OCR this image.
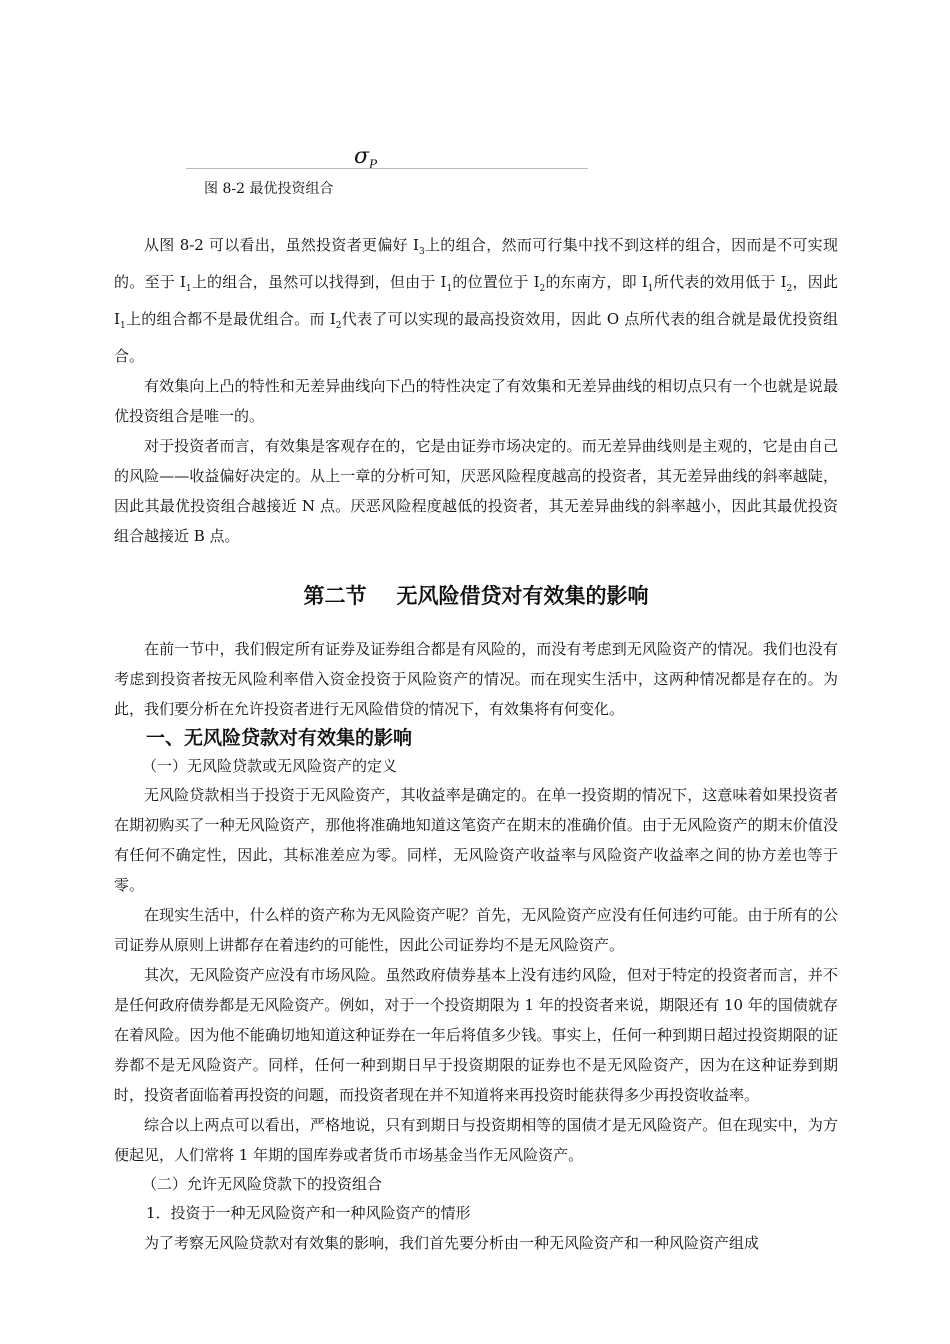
$\sigma_P$
图 8-2 最优投资组合

从图 8-2 可以看出，虽然投资者更偏好 $I_3$上的组合，然而可行集中找不到这样的组合，因而是不可实现的。至于 $I_1$上的组合，虽然可以找得到，但由于 $I_1$的位置位于 $I_2$的东南方，即 $I_1$所代表的效用低于 $I_2$，因此 $I_1$上的组合都不是最优组合。而 $I_2$代表了可以实现的最高投资效用，因此 O 点所代表的组合就是最优投资组合。

有效集向上凸的特性和无差异曲线向下凸的特性决定了有效集和无差异曲线的相切点只有一个也就是说最优投资组合是唯一的。

对于投资者而言，有效集是客观存在的，它是由证券市场决定的。而无差异曲线则是主观的，它是由自己的风险——收益偏好决定的。从上一章的分析可知，厌恶风险程度越高的投资者，其无差异曲线的斜率越陡，因此其最优投资组合越接近 N 点。厌恶风险程度越低的投资者，其无差异曲线的斜率越小，因此其最优投资组合越接近 B 点。

第二节 无风险借贷对有效集的影响

在前一节中，我们假定所有证券及证券组合都是有风险的，而没有考虑到无风险资产的情况。我们也没有考虑到投资者按无风险利率借入资金投资于风险资产的情况。而在现实生活中，这两种情况都是存在的。为此，我们要分析在允许投资者进行无风险借贷的情况下，有效集将有何变化。

一、无风险贷款对有效集的影响
（一）无风险贷款或无风险资产的定义

无风险贷款相当于投资于无风险资产，其收益率是确定的。在单一投资期的情况下，这意味着如果投资者在期初购买了一种无风险资产，那他将准确地知道这笔资产在期末的准确价值。由于无风险资产的期末价值没有任何不确定性，因此，其标准差应为零。同样，无风险资产收益率与风险资产收益率之间的协方差也等于零。

在现实生活中，什么样的资产称为无风险资产呢？首先，无风险资产应没有任何违约可能。由于所有的公司证券从原则上讲都存在着违约的可能性，因此公司证券均不是无风险资产。

其次，无风险资产应没有市场风险。虽然政府债券基本上没有违约风险，但对于特定的投资者而言，并不是任何政府债券都是无风险资产。例如，对于一个投资期限为 1 年的投资者来说，期限还有 10 年的国债就存在着风险。因为他不能确切地知道这种证券在一年后将值多少钱。事实上，任何一种到期日超过投资期限的证券都不是无风险资产。同样，任何一种到期日早于投资期限的证券也不是无风险资产，因为在这种证券到期时，投资者面临着再投资的问题，而投资者现在并不知道将来再投资时能获得多少再投资收益率。

综合以上两点可以看出，严格地说，只有到期日与投资期相等的国债才是无风险资产。但在现实中，为方便起见，人们常将 1 年期的国库券或者货币市场基金当作无风险资产。

（二）允许无风险贷款下的投资组合
1．投资于一种无风险资产和一种风险资产的情形

为了考察无风险贷款对有效集的影响，我们首先要分析由一种无风险资产和一种风险资产组成
